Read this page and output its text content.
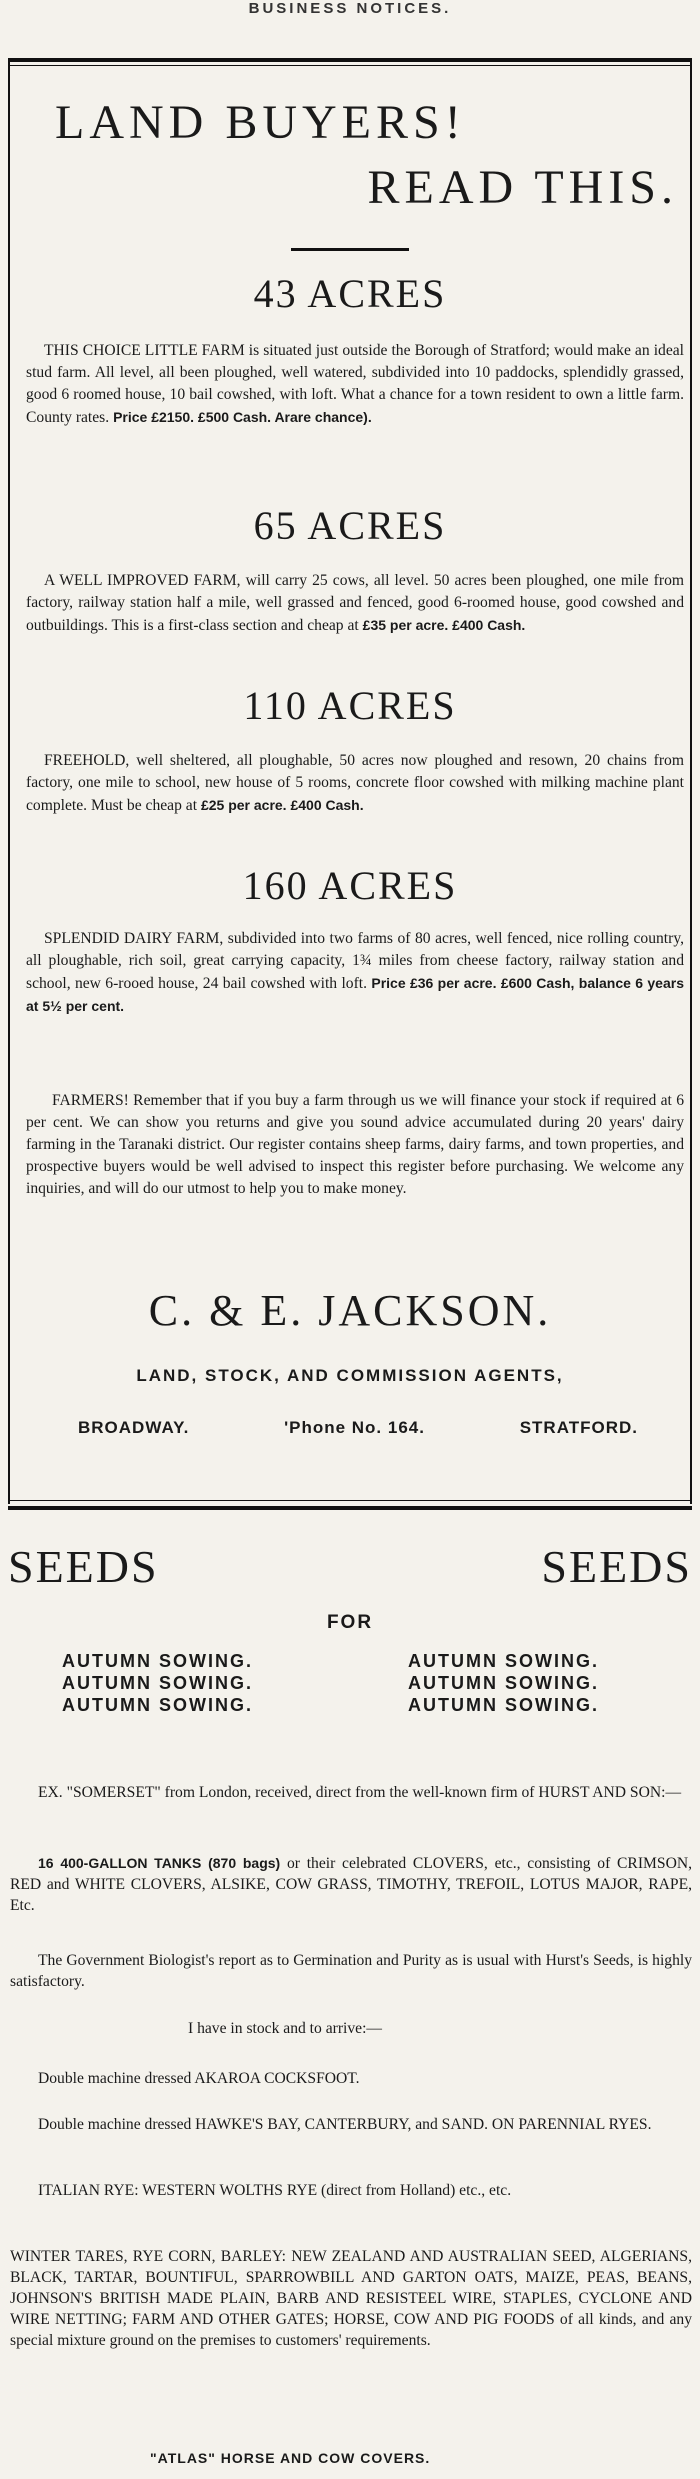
BUSINESS NOTICES.
LAND BUYERS!
READ THIS.
43 ACRES
THIS CHOICE LITTLE FARM is situated just outside the Borough of Stratford; would make an ideal stud farm. All level, all been ploughed, well watered, subdivided into 10 paddocks, splendidly grassed, good 6 roomed house, 10 bail cowshed, with loft. What a chance for a town resident to own a little farm. County rates. Price £2150. £500 Cash. Arare chance).
65 ACRES
A WELL IMPROVED FARM, will carry 25 cows, all level. 50 acres been ploughed, one mile from factory, railway station half a mile, well grassed and fenced, good 6-roomed house, good cowshed and outbuildings. This is a first-class section and cheap at £35 per acre. £400 Cash.
110 ACRES
FREEHOLD, well sheltered, all ploughable, 50 acres now ploughed and resown, 20 chains from factory, one mile to school, new house of 5 rooms, concrete floor cowshed with milking machine plant complete. Must be cheap at £25 per acre. £400 Cash.
160 ACRES
SPLENDID DAIRY FARM, subdivided into two farms of 80 acres, well fenced, nice rolling country, all ploughable, rich soil, great carrying capacity, 1¾ miles from cheese factory, railway station and school, new 6-rooed house, 24 bail cowshed with loft. Price £36 per acre. £600 Cash, balance 6 years at 5½ per cent.
FARMERS! Remember that if you buy a farm through us we will finance your stock if required at 6 per cent. We can show you returns and give you sound advice accumulated during 20 years' dairy farming in the Taranaki district. Our register contains sheep farms, dairy farms, and town properties, and prospective buyers would be well advised to inspect this register before purchasing. We welcome any inquiries, and will do our utmost to help you to make money.
C. & E. JACKSON.
LAND, STOCK, AND COMMISSION AGENTS,
BROADWAY.	'Phone No. 164.	STRATFORD.
SEEDS	SEEDS
FOR
AUTUMN SOWING.
AUTUMN SOWING.
AUTUMN SOWING.
AUTUMN SOWING.
AUTUMN SOWING.
AUTUMN SOWING.
EX. "SOMERSET" from London, received, direct from the well-known firm of HURST AND SON:—
16 400-GALLON TANKS (870 bags) or their celebrated CLOVERS, etc., consisting of CRIMSON, RED and WHITE CLOVERS, ALSIKE, COW GRASS, TIMOTHY, TREFOIL, LOTUS MAJOR, RAPE, Etc.
The Government Biologist's report as to Germination and Purity as is usual with Hurst's Seeds, is highly satisfactory.
I have in stock and to arrive:—
Double machine dressed AKAROA COCKSFOOT.
Double machine dressed HAWKE'S BAY, CANTERBURY, and SAND. ON PARENNIAL RYES.
ITALIAN RYE: WESTERN WOLTHS RYE (direct from Holland) etc., etc.
WINTER TARES, RYE CORN, BARLEY: NEW ZEALAND AND AUSTRALIAN SEED, ALGERIANS, BLACK, TARTAR, BOUNTIFUL, SPARROWBILL AND GARTON OATS, MAIZE, PEAS, BEANS, JOHNSON'S BRITISH MADE PLAIN, BARB AND RESISTEEL WIRE, STAPLES, CYCLONE AND WIRE NETTING; FARM AND OTHER GATES; HORSE, COW AND PIG FOODS of all kinds, and any special mixture ground on the premises to customers' requirements.
"ATLAS" HORSE AND COW COVERS.
